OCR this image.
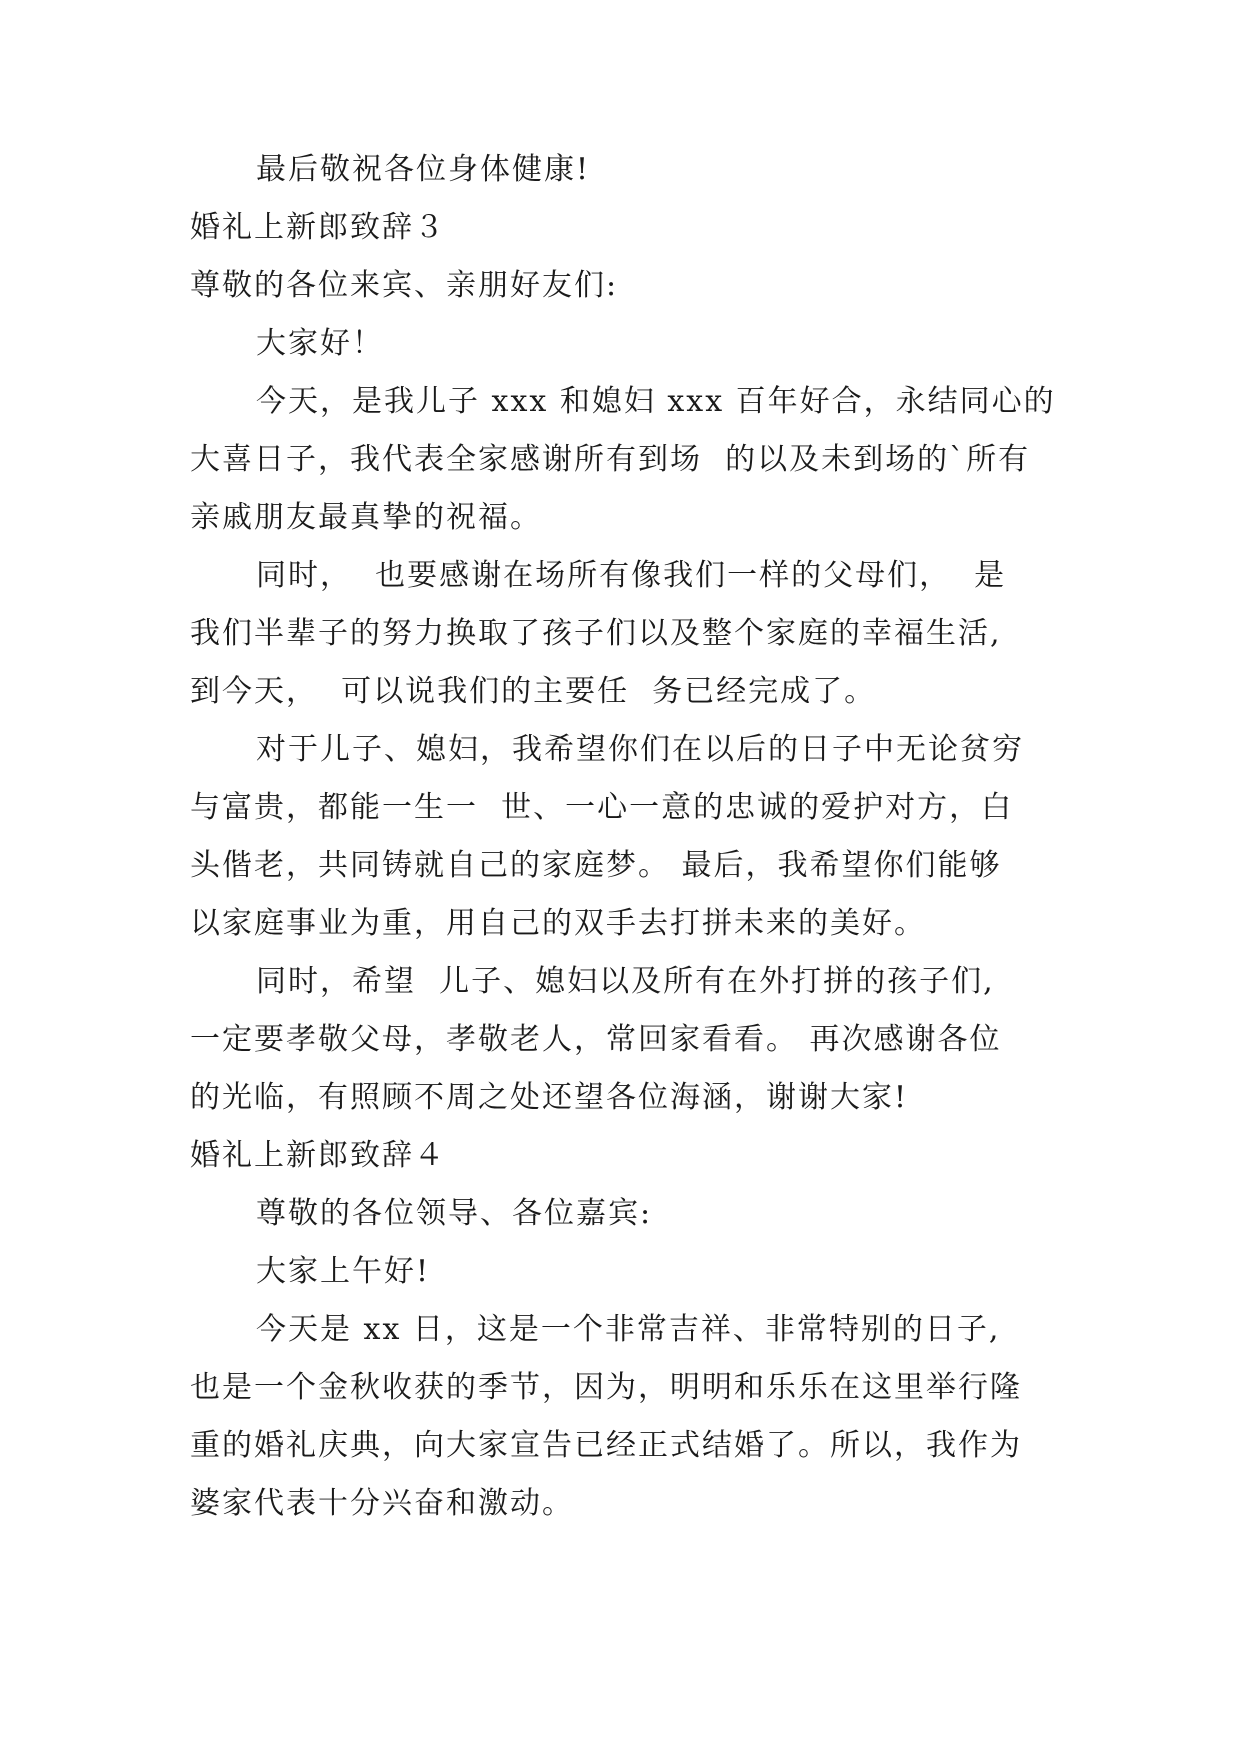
最后敬祝各位身体健康!
婚礼上新郎致辞３
尊敬的各位来宾、亲朋好友们:
大家好！
今天，是我儿子 xxx 和媳妇 xxx 百年好合，永结同心的
大喜日子，我代表全家感谢所有到场  的以及未到场的`所有
亲戚朋友最真挚的祝福。
同时，  也要感谢在场所有像我们一样的父母们，  是
我们半辈子的努力换取了孩子们以及整个家庭的幸福生活,
到今天，  可以说我们的主要任  务已经完成了。
对于儿子、媳妇，我希望你们在以后的日子中无论贫穷
与富贵，都能一生一  世、一心一意的忠诚的爱护对方，白
头偕老，共同铸就自己的家庭梦。 最后，我希望你们能够
以家庭事业为重，用自己的双手去打拼未来的美好。
同时，希望  儿子、媳妇以及所有在外打拼的孩子们,
一定要孝敬父母，孝敬老人，常回家看看。 再次感谢各位
的光临，有照顾不周之处还望各位海涵，谢谢大家!
婚礼上新郎致辞４
尊敬的各位领导、各位嘉宾:
大家上午好!
今天是 xx 日，这是一个非常吉祥、非常特别的日子,
也是一个金秋收获的季节，因为，明明和乐乐在这里举行隆
重的婚礼庆典，向大家宣告已经正式结婚了。所以，我作为
婆家代表十分兴奋和激动。
